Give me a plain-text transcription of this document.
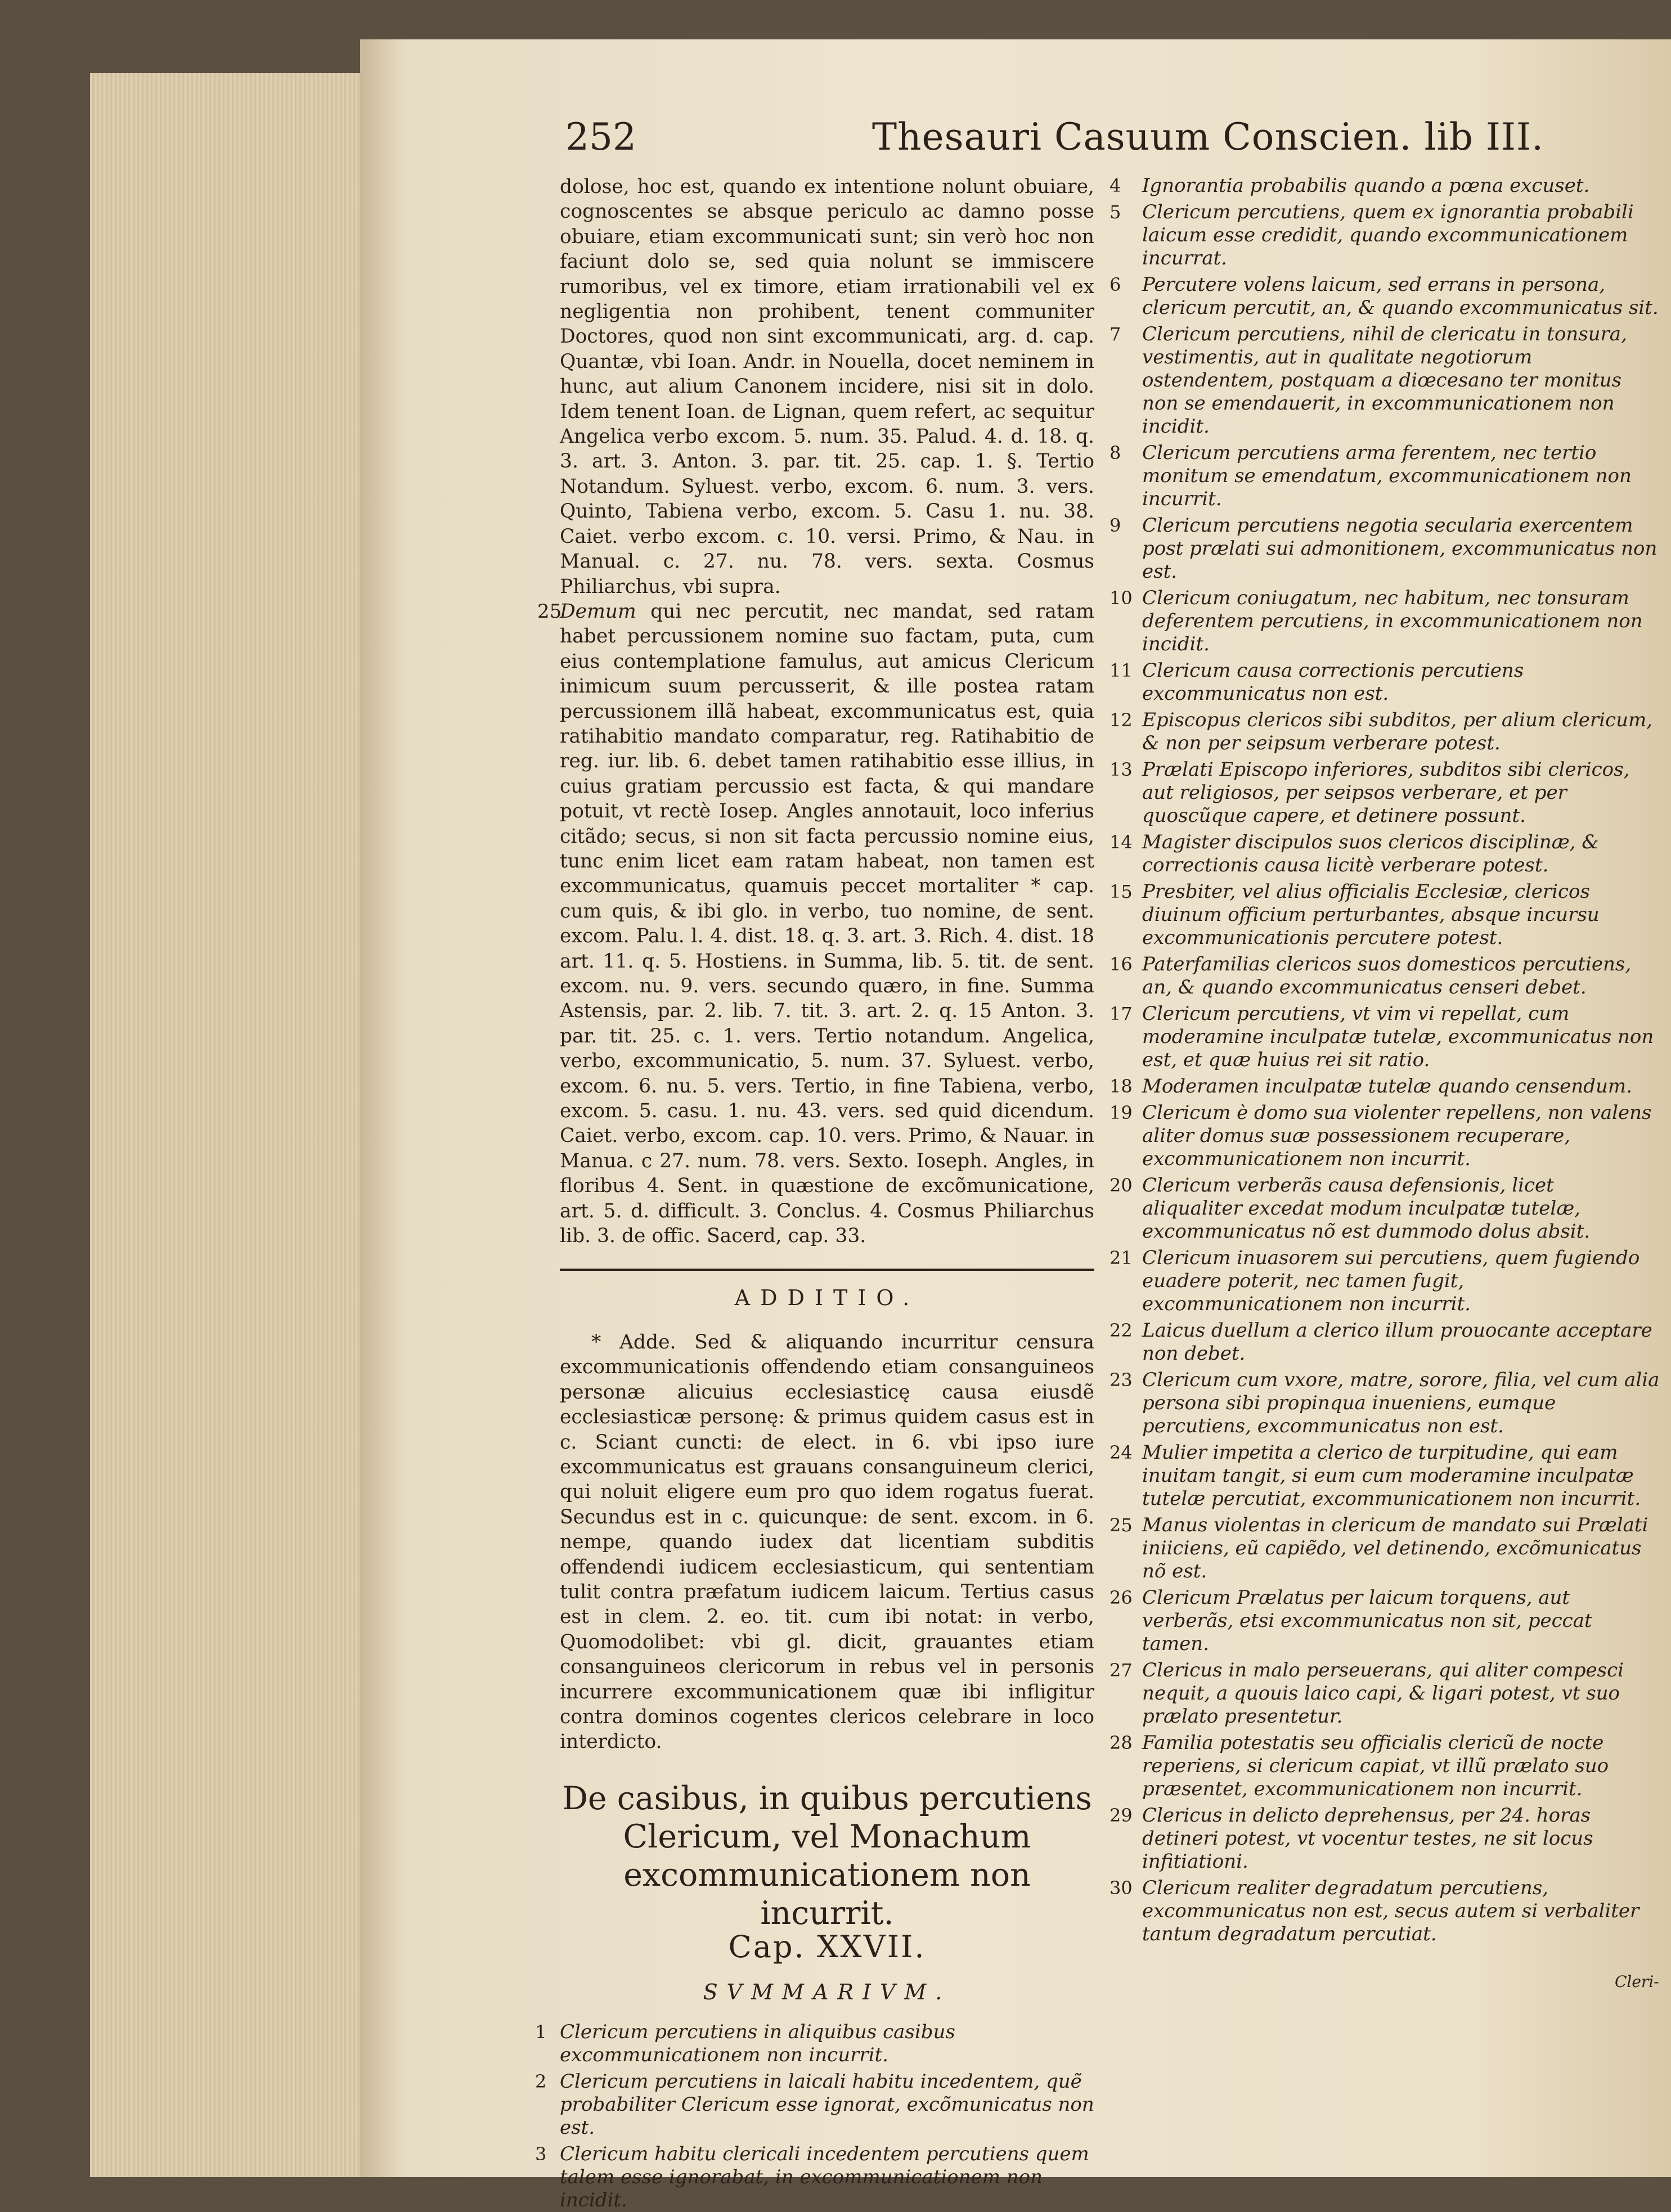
252	Thesauri Casuum Conscien. lib III.

dolose, hoc est, quando ex intentione nolunt obuiare, cognoscentes se absque periculo ac damno posse obuiare, etiam excommunicati sunt; sin verò hoc non faciunt dolo se, sed quia nolunt se immiscere rumoribus, vel ex timore, etiam irrationabili vel ex negligentia non prohibent, tenent communiter Doctores, quod non sint excommunicati, arg. d. cap. Quantæ, vbi Ioan. Andr. in Nouella, docet neminem in hunc, aut alium Canonem incidere, nisi sit in dolo. Idem tenent Ioan. de Lignan, quem refert, ac sequitur Angelica verbo excom. 5. num. 35. Palud. 4. d. 18. q. 3. art. 3. Anton. 3. par. tit. 25. cap. 1. §. Tertio Notandum. Syluest. verbo, excom. 6. num. 3. vers. Quinto, Tabiena verbo, excom. 5. Casu 1. nu. 38. Caiet. verbo excom. c. 10. versi. Primo, & Nau. in Manual. c. 27. nu. 78. vers. sexta. Cosmus Philiarchus, vbi supra.

25
Demum qui nec percutit, nec mandat, sed ratam habet percussionem nomine suo factam, puta, cum eius contemplatione famulus, aut amicus Clericum inimicum suum percusserit, & ille postea ratam percussionem illã habeat, excommunicatus est, quia ratihabitio mandato comparatur, reg. Ratihabitio de reg. iur. lib. 6. debet tamen ratihabitio esse illius, in cuius gratiam percussio est facta, & qui mandare potuit, vt rectè Iosep. Angles annotauit, loco inferius citãdo; secus, si non sit facta percussio nomine eius, tunc enim licet eam ratam habeat, non tamen est excommunicatus, quamuis peccet mortaliter * cap. cum quis, & ibi glo. in verbo, tuo nomine, de sent. excom. Palu. l. 4. dist. 18. q. 3. art. 3. Rich. 4. dist. 18 art. 11. q. 5. Hostiens. in Summa, lib. 5. tit. de sent. excom. nu. 9. vers. secundo quæro, in fine. Summa Astensis, par. 2. lib. 7. tit. 3. art. 2. q. 15 Anton. 3. par. tit. 25. c. 1. vers. Tertio notandum. Angelica, verbo, excommunicatio, 5. num. 37. Syluest. verbo, excom. 6. nu. 5. vers. Tertio, in fine Tabiena, verbo, excom. 5. casu. 1. nu. 43. vers. sed quid dicendum. Caiet. verbo, excom. cap. 10. vers. Primo, & Nauar. in Manua. c 27. num. 78. vers. Sexto. Ioseph. Angles, in floribus 4. Sent. in quæstione de excõmunicatione, art. 5. d. difficult. 3. Conclus. 4. Cosmus Philiarchus lib. 3. de offic. Sacerd, cap. 33.

ADDITIO.

* Adde. Sed & aliquando incurritur censura excommunicationis offendendo etiam consanguineos personæ alicuius ecclesiasticę causa eiusdẽ ecclesiasticæ personę: & primus quidem casus est in c. Sciant cuncti: de elect. in 6. vbi ipso iure excommunicatus est grauans consanguineum clerici, qui noluit eligere eum pro quo idem rogatus fuerat. Secundus est in c. quicunque: de sent. excom. in 6. nempe, quando iudex dat licentiam subditis offendendi iudicem ecclesiasticum, qui sententiam tulit contra præfatum iudicem laicum. Tertius casus est in clem. 2. eo. tit. cum ibi notat: in verbo, Quomodolibet: vbi gl. dicit, grauantes etiam consanguineos clericorum in rebus vel in personis incurrere excommunicationem quæ ibi infligitur contra dominos cogentes clericos celebrare in loco interdicto.

De casibus, in quibus percutiens Clericum, vel Monachum excommunicationem non incurrit.
Cap. XXVII.
SVMMARIVM.
1 Clericum percutiens in aliquibus casibus excommunicationem non incurrit.
2 Clericum percutiens in laicali habitu incedentem, quẽ probabiliter Clericum esse ignorat, excõmunicatus non est.
3 Clericum habitu clericali incedentem percutiens quem talem esse ignorabat, in excommunicationem non incidit.
4 Ignorantia probabilis quando a pœna excuset.
5 Clericum percutiens, quem ex ignorantia probabili laicum esse credidit, quando excommunicationem incurrat.
6 Percutere volens laicum, sed errans in persona, clericum percutit, an, & quando excommunicatus sit.
7 Clericum percutiens, nihil de clericatu in tonsura, vestimentis, aut in qualitate negotiorum ostendentem, postquam a diœcesano ter monitus non se emendauerit, in excommunicationem non incidit.
8 Clericum percutiens arma ferentem, nec tertio monitum se emendatum, excommunicationem non incurrit.
9 Clericum percutiens negotia secularia exercentem post prælati sui admonitionem, excommunicatus non est.
10 Clericum coniugatum, nec habitum, nec tonsuram deferentem percutiens, in excommunicationem non incidit.
11 Clericum causa correctionis percutiens excommunicatus non est.
12 Episcopus clericos sibi subditos, per alium clericum, & non per seipsum verberare potest.
13 Prælati Episcopo inferiores, subditos sibi clericos, aut religiosos, per seipsos verberare, et per quoscũque capere, et detinere possunt.
14 Magister discipulos suos clericos disciplinæ, & correctionis causa licitè verberare potest.
15 Presbiter, vel alius officialis Ecclesiæ, clericos diuinum officium perturbantes, absque incursu excommunicationis percutere potest.
16 Paterfamilias clericos suos domesticos percutiens, an, & quando excommunicatus censeri debet.
17 Clericum percutiens, vt vim vi repellat, cum moderamine inculpatæ tutelæ, excommunicatus non est, et quæ huius rei sit ratio.
18 Moderamen inculpatæ tutelæ quando censendum.
19 Clericum è domo sua violenter repellens, non valens aliter domus suæ possessionem recuperare, excommunicationem non incurrit.
20 Clericum verberãs causa defensionis, licet aliqualiter excedat modum inculpatæ tutelæ, excommunicatus nõ est dummodo dolus absit.
21 Clericum inuasorem sui percutiens, quem fugiendo euadere poterit, nec tamen fugit, excommunicationem non incurrit.
22 Laicus duellum a clerico illum prouocante acceptare non debet.
23 Clericum cum vxore, matre, sorore, filia, vel cum alia persona sibi propinqua inueniens, eumque percutiens, excommunicatus non est.
24 Mulier impetita a clerico de turpitudine, qui eam inuitam tangit, si eum cum moderamine inculpatæ tutelæ percutiat, excommunicationem non incurrit.
25 Manus violentas in clericum de mandato sui Prælati iniiciens, eũ capiẽdo, vel detinendo, excõmunicatus nõ est.
26 Clericum Prælatus per laicum torquens, aut verberãs, etsi excommunicatus non sit, peccat tamen.
27 Clericus in malo perseuerans, qui aliter compesci nequit, a quouis laico capi, & ligari potest, vt suo prælato presentetur.
28 Familia potestatis seu officialis clericũ de nocte reperiens, si clericum capiat, vt illũ prælato suo præsentet, excommunicationem non incurrit.
29 Clericus in delicto deprehensus, per 24. horas detineri potest, vt vocentur testes, ne sit locus infitiationi.
30 Clericum realiter degradatum percutiens, excommunicatus non est, secus autem si verbaliter tantum degradatum percutiat.
Cleri-
